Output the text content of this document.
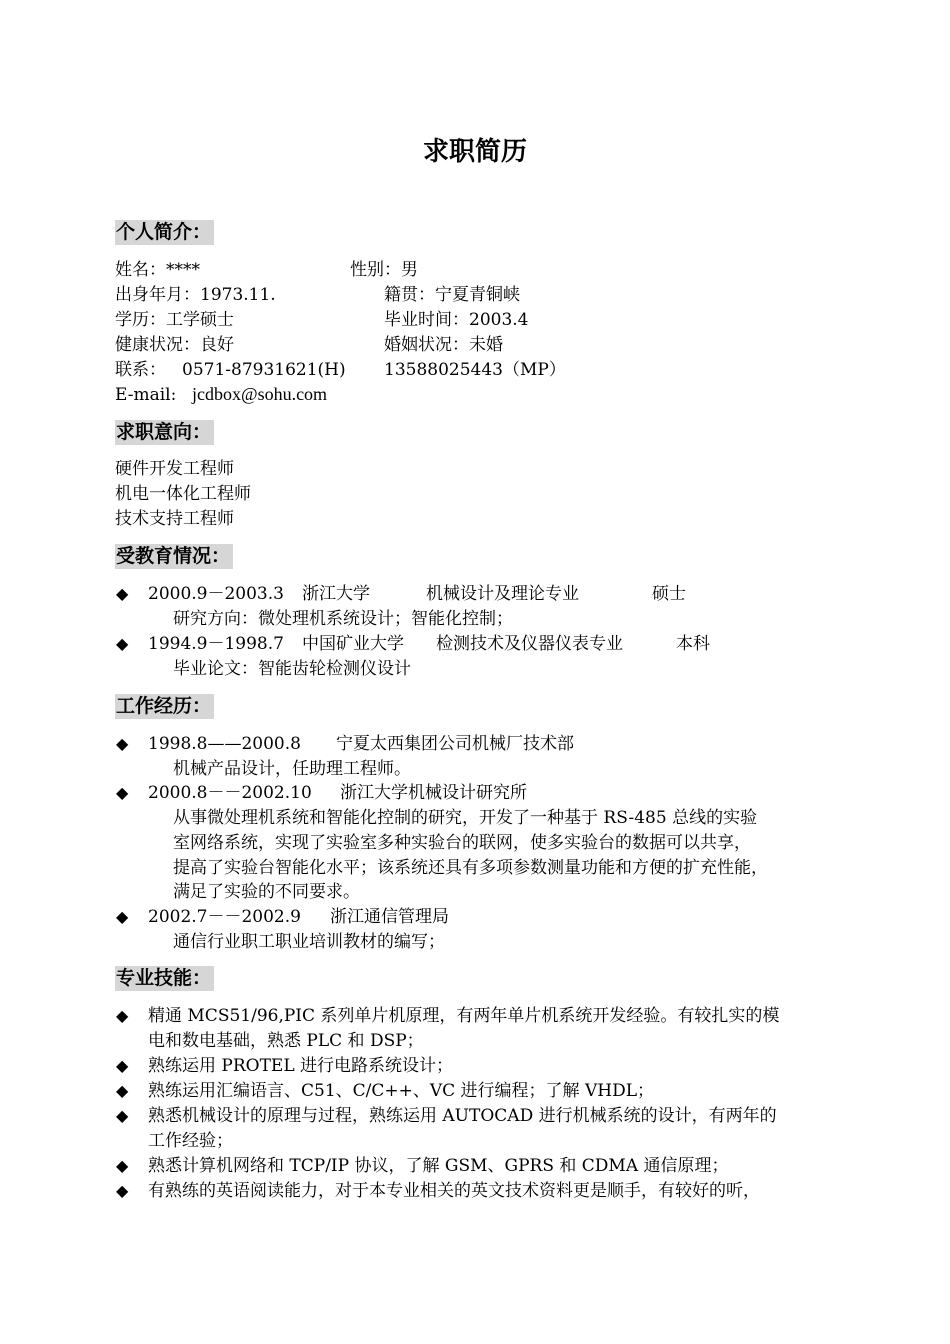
求职简历
个人简介：
姓名：****	性别：男
出身年月：1973.11.	籍贯：宁夏青铜峡
学历：工学硕士	毕业时间：2003.4
健康状况：良好	婚姻状况：未婚
联系： 0571-87931621(H) 13588025443（MP）
E-mail: jcdbox@sohu.com
求职意向：
硬件开发工程师
机电一体化工程师
技术支持工程师
受教育情况：
◆ 2000.9－2003.3 浙江大学	机械设计及理论专业	硕士
研究方向：微处理机系统设计；智能化控制；
◆ 1994.9－1998.7 中国矿业大学 检测技术及仪器仪表专业	本科
毕业论文：智能齿轮检测仪设计
工作经历：
◆ 1998.8——2000.8 宁夏太西集团公司机械厂技术部
机械产品设计，任助理工程师。
◆ 2000.8－－2002.10 浙江大学机械设计研究所
从事微处理机系统和智能化控制的研究，开发了一种基于 RS-485 总线的实验
室网络系统，实现了实验室多种实验台的联网，使多实验台的数据可以共享，
提高了实验台智能化水平；该系统还具有多项参数测量功能和方便的扩充性能，
满足了实验的不同要求。
◆ 2002.7－－2002.9 浙江通信管理局
通信行业职工职业培训教材的编写；
专业技能：
◆ 精通 MCS51/96,PIC 系列单片机原理，有两年单片机系统开发经验。有较扎实的模
电和数电基础，熟悉 PLC 和 DSP；
◆ 熟练运用 PROTEL 进行电路系统设计；
◆ 熟练运用汇编语言、C51、C/C++、VC 进行编程；了解 VHDL；
◆ 熟悉机械设计的原理与过程，熟练运用 AUTOCAD 进行机械系统的设计，有两年的
工作经验；
◆ 熟悉计算机网络和 TCP/IP 协议，了解 GSM、GPRS 和 CDMA 通信原理；
◆ 有熟练的英语阅读能力，对于本专业相关的英文技术资料更是顺手，有较好的听，
